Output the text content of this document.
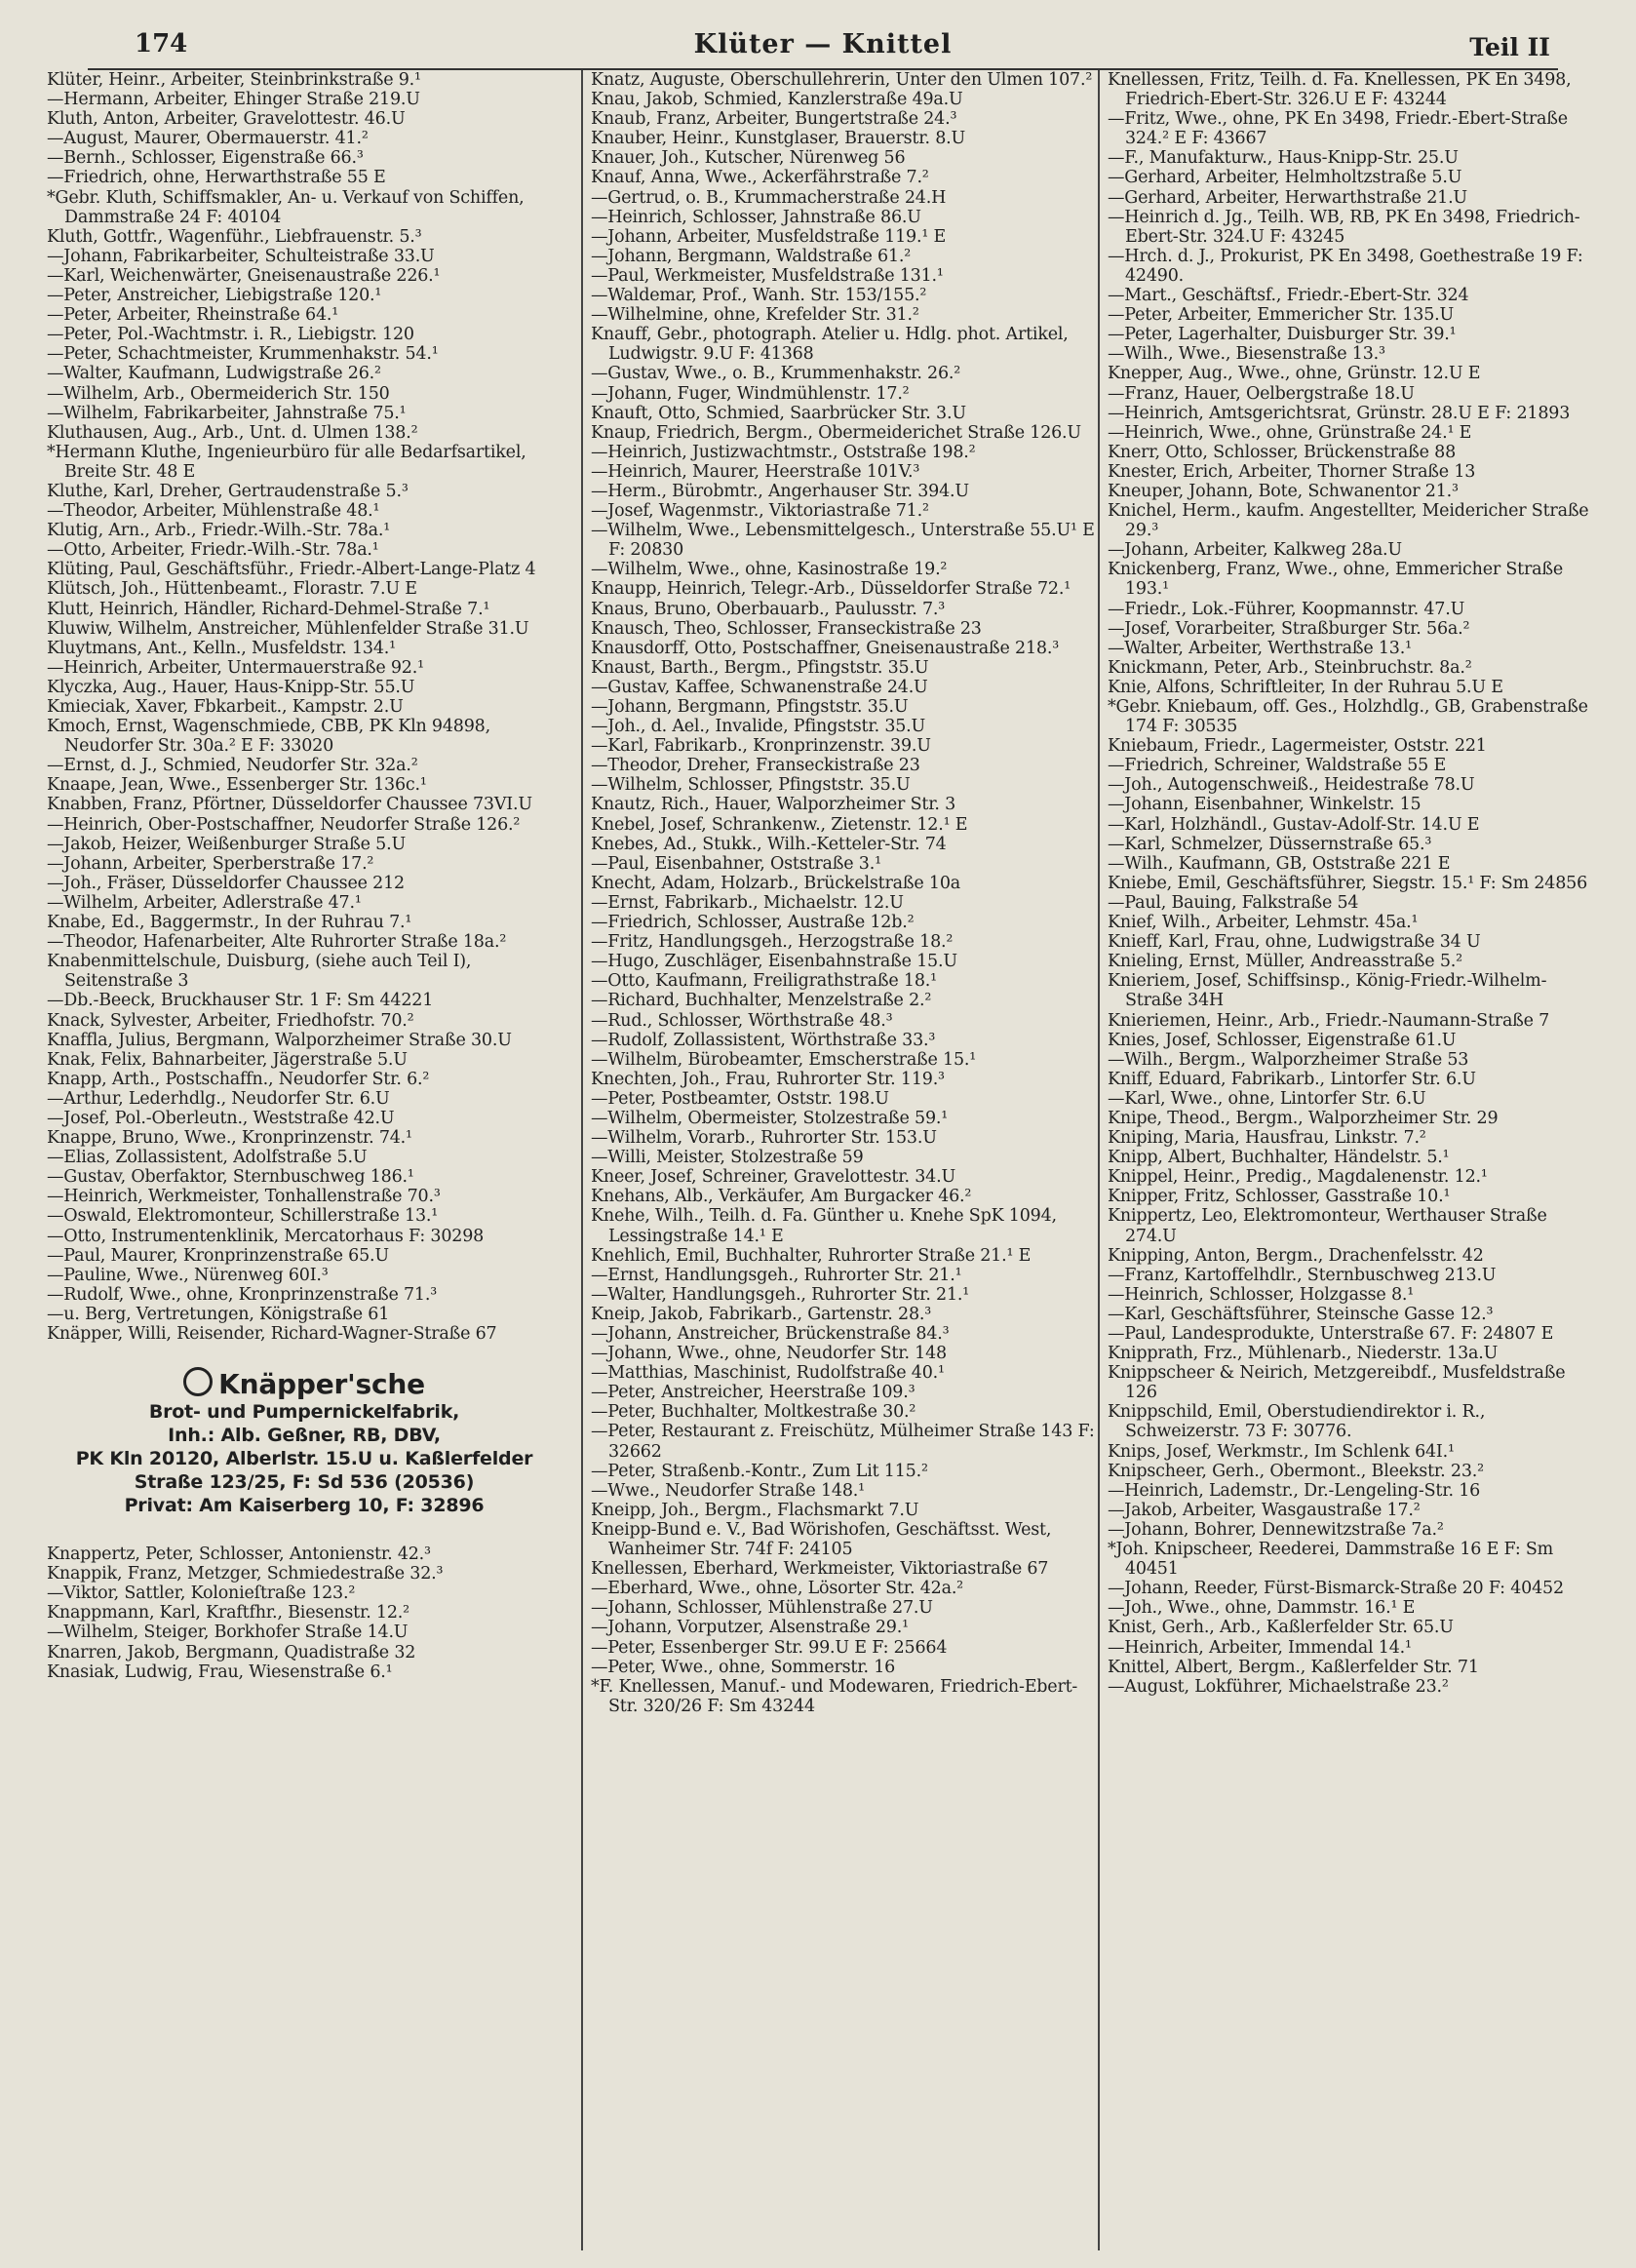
174	Klüter — Knittel	Teil II

Klüter, Heinr., Arbeiter, Steinbrinkstraße 9.¹

—Hermann, Arbeiter, Ehinger Straße 219.U

Kluth, Anton, Arbeiter, Gravelottestr. 46.U

—August, Maurer, Obermauerstr. 41.²

—Bernh., Schlosser, Eigenstraße 66.³

—Friedrich, ohne, Herwarthstraße 55 E

*Gebr. Kluth, Schiffsmakler, An- u. Verkauf von Schiffen, Dammstraße 24 F: 40104

Kluth, Gottfr., Wagenführ., Liebfrauenstr. 5.³

—Johann, Fabrikarbeiter, Schulteistraße 33.U

—Karl, Weichenwärter, Gneisenaustraße 226.¹

—Peter, Anstreicher, Liebigstraße 120.¹

—Peter, Arbeiter, Rheinstraße 64.¹

—Peter, Pol.-Wachtmstr. i. R., Liebigstr. 120

—Peter, Schachtmeister, Krummenhakstr. 54.¹

—Walter, Kaufmann, Ludwigstraße 26.²

—Wilhelm, Arb., Obermeiderich Str. 150

—Wilhelm, Fabrikarbeiter, Jahnstraße 75.¹

Kluthausen, Aug., Arb., Unt. d. Ulmen 138.²

*Hermann Kluthe, Ingenieurbüro für alle Bedarfsartikel, Breite Str. 48 E

Kluthe, Karl, Dreher, Gertraudenstraße 5.³

—Theodor, Arbeiter, Mühlenstraße 48.¹

Klutig, Arn., Arb., Friedr.-Wilh.-Str. 78a.¹

—Otto, Arbeiter, Friedr.-Wilh.-Str. 78a.¹

Klüting, Paul, Geschäftsführ., Friedr.-Albert-Lange-Platz 4

Klütsch, Joh., Hüttenbeamt., Florastr. 7.U E

Klutt, Heinrich, Händler, Richard-Dehmel-Straße 7.¹

Kluwiw, Wilhelm, Anstreicher, Mühlenfelder Straße 31.U

Kluytmans, Ant., Kelln., Musfeldstr. 134.¹

—Heinrich, Arbeiter, Untermauerstraße 92.¹

Klyczka, Aug., Hauer, Haus-Knipp-Str. 55.U

Kmieciak, Xaver, Fbkarbeit., Kampstr. 2.U

Kmoch, Ernst, Wagenschmiede, CBB, PK Kln 94898, Neudorfer Str. 30a.² E F: 33020

—Ernst, d. J., Schmied, Neudorfer Str. 32a.²

Knaape, Jean, Wwe., Essenberger Str. 136c.¹

Knabben, Franz, Pförtner, Düsseldorfer Chaussee 73VI.U

—Heinrich, Ober-Postschaffner, Neudorfer Straße 126.²

—Jakob, Heizer, Weißenburger Straße 5.U

—Johann, Arbeiter, Sperberstraße 17.²

—Joh., Fräser, Düsseldorfer Chaussee 212

—Wilhelm, Arbeiter, Adlerstraße 47.¹

Knabe, Ed., Baggermstr., In der Ruhrau 7.¹

—Theodor, Hafenarbeiter, Alte Ruhrorter Straße 18a.²

Knabenmittelschule, Duisburg, (siehe auch Teil I), Seitenstraße 3

—Db.-Beeck, Bruckhauser Str. 1 F: Sm 44221

Knack, Sylvester, Arbeiter, Friedhofstr. 70.²

Knaffla, Julius, Bergmann, Walporzheimer Straße 30.U

Knak, Felix, Bahnarbeiter, Jägerstraße 5.U

Knapp, Arth., Postschaffn., Neudorfer Str. 6.²

—Arthur, Lederhdlg., Neudorfer Str. 6.U

—Josef, Pol.-Oberleutn., Weststraße 42.U

Knappe, Bruno, Wwe., Kronprinzenstr. 74.¹

—Elias, Zollassistent, Adolfstraße 5.U

—Gustav, Oberfaktor, Sternbuschweg 186.¹

—Heinrich, Werkmeister, Tonhallenstraße 70.³

—Oswald, Elektromonteur, Schillerstraße 13.¹

—Otto, Instrumentenklinik, Mercatorhaus F: 30298

—Paul, Maurer, Kronprinzenstraße 65.U

—Pauline, Wwe., Nürenweg 60I.³

—Rudolf, Wwe., ohne, Kronprinzenstraße 71.³

—u. Berg, Vertretungen, Königstraße 61

Knäpper, Willi, Reisender, Richard-Wagner-Straße 67

Knäpper'sche
Brot- und Pumpernickelfabrik,
Inh.: Alb. Geßner, RB, DBV,
PK Kln 20120, Alberlstr. 15.U u. Kaßlerfelder Straße 123/25, F: Sd 536 (20536)
Privat: Am Kaiserberg 10, F: 32896

Knappertz, Peter, Schlosser, Antonienstr. 42.³

Knappik, Franz, Metzger, Schmiedestraße 32.³

—Viktor, Sattler, Kolonieſtraße 123.²

Knappmann, Karl, Kraftfhr., Biesenstr. 12.²

—Wilhelm, Steiger, Borkhofer Straße 14.U

Knarren, Jakob, Bergmann, Quadistraße 32

Knasiak, Ludwig, Frau, Wiesenstraße 6.¹

Knatz, Auguste, Oberschullehrerin, Unter den Ulmen 107.²

Knau, Jakob, Schmied, Kanzlerstraße 49a.U

Knaub, Franz, Arbeiter, Bungertstraße 24.³

Knauber, Heinr., Kunstglaser, Brauerstr. 8.U

Knauer, Joh., Kutscher, Nürenweg 56

Knauf, Anna, Wwe., Ackerfährstraße 7.²

—Gertrud, o. B., Krummacherstraße 24.H

—Heinrich, Schlosser, Jahnstraße 86.U

—Johann, Arbeiter, Musfeldstraße 119.¹ E

—Johann, Bergmann, Waldstraße 61.²

—Paul, Werkmeister, Musfeldstraße 131.¹

—Waldemar, Prof., Wanh. Str. 153/155.²

—Wilhelmine, ohne, Krefelder Str. 31.²

Knauff, Gebr., photograph. Atelier u. Hdlg. phot. Artikel, Ludwigstr. 9.U F: 41368

—Gustav, Wwe., o. B., Krummenhakstr. 26.²

—Johann, Fuger, Windmühlenstr. 17.²

Knauft, Otto, Schmied, Saarbrücker Str. 3.U

Knaup, Friedrich, Bergm., Obermeiderichet Straße 126.U

—Heinrich, Justizwachtmstr., Oststraße 198.²

—Heinrich, Maurer, Heerstraße 101V.³

—Herm., Bürobmtr., Angerhauser Str. 394.U

—Josef, Wagenmstr., Viktoriastraße 71.²

—Wilhelm, Wwe., Lebensmittelgesch., Unterstraße 55.U¹ E F: 20830

—Wilhelm, Wwe., ohne, Kasinostraße 19.²

Knaupp, Heinrich, Telegr.-Arb., Düsseldorfer Straße 72.¹

Knaus, Bruno, Oberbauarb., Paulusstr. 7.³

Knausch, Theo, Schlosser, Franseckistraße 23

Knausdorff, Otto, Postschaffner, Gneisenaustraße 218.³

Knaust, Barth., Bergm., Pfingststr. 35.U

—Gustav, Kaffee, Schwanenstraße 24.U

—Johann, Bergmann, Pfingststr. 35.U

—Joh., d. Ael., Invalide, Pfingststr. 35.U

—Karl, Fabrikarb., Kronprinzenstr. 39.U

—Theodor, Dreher, Franseckistraße 23

—Wilhelm, Schlosser, Pfingststr. 35.U

Knautz, Rich., Hauer, Walporzheimer Str. 3

Knebel, Josef, Schrankenw., Zietenstr. 12.¹ E

Knebes, Ad., Stukk., Wilh.-Ketteler-Str. 74

—Paul, Eisenbahner, Oststraße 3.¹

Knecht, Adam, Holzarb., Brückelstraße 10a

—Ernst, Fabrikarb., Michaelstr. 12.U

—Friedrich, Schlosser, Austraße 12b.²

—Fritz, Handlungsgeh., Herzogstraße 18.²

—Hugo, Zuschläger, Eisenbahnstraße 15.U

—Otto, Kaufmann, Freiligrathstraße 18.¹

—Richard, Buchhalter, Menzelstraße 2.²

—Rud., Schlosser, Wörthstraße 48.³

—Rudolf, Zollassistent, Wörthstraße 33.³

—Wilhelm, Bürobeamter, Emscherstraße 15.¹

Knechten, Joh., Frau, Ruhrorter Str. 119.³

—Peter, Postbeamter, Oststr. 198.U

—Wilhelm, Obermeister, Stolzestraße 59.¹

—Wilhelm, Vorarb., Ruhrorter Str. 153.U

—Willi, Meister, Stolzestraße 59

Kneer, Josef, Schreiner, Gravelottestr. 34.U

Knehans, Alb., Verkäufer, Am Burgacker 46.²

Knehe, Wilh., Teilh. d. Fa. Günther u. Knehe SpK 1094, Lessingstraße 14.¹ E

Knehlich, Emil, Buchhalter, Ruhrorter Straße 21.¹ E

—Ernst, Handlungsgeh., Ruhrorter Str. 21.¹

—Walter, Handlungsgeh., Ruhrorter Str. 21.¹

Kneip, Jakob, Fabrikarb., Gartenstr. 28.³

—Johann, Anstreicher, Brückenstraße 84.³

—Johann, Wwe., ohne, Neudorfer Str. 148

—Matthias, Maschinist, Rudolfstraße 40.¹

—Peter, Anstreicher, Heerstraße 109.³

—Peter, Buchhalter, Moltkestraße 30.²

—Peter, Restaurant z. Freischütz, Mülheimer Straße 143 F: 32662

—Peter, Straßenb.-Kontr., Zum Lit 115.²

—Wwe., Neudorfer Straße 148.¹

Kneipp, Joh., Bergm., Flachsmarkt 7.U

Kneipp-Bund e. V., Bad Wörishofen, Geschäftsst. West, Wanheimer Str. 74f F: 24105

Knellessen, Eberhard, Werkmeister, Viktoriastraße 67

—Eberhard, Wwe., ohne, Lösorter Str. 42a.²

—Johann, Schlosser, Mühlenstraße 27.U

—Johann, Vorputzer, Alsenstraße 29.¹

—Peter, Essenberger Str. 99.U E F: 25664

—Peter, Wwe., ohne, Sommerstr. 16

*F. Knellessen, Manuf.- und Modewaren, Friedrich-Ebert-Str. 320/26 F: Sm 43244

Knellessen, Fritz, Teilh. d. Fa. Knellessen, PK En 3498, Friedrich-Ebert-Str. 326.U E F: 43244

—Fritz, Wwe., ohne, PK En 3498, Friedr.-Ebert-Straße 324.² E F: 43667

—F., Manufakturw., Haus-Knipp-Str. 25.U

—Gerhard, Arbeiter, Helmholtzstraße 5.U

—Gerhard, Arbeiter, Herwarthstraße 21.U

—Heinrich d. Jg., Teilh. WB, RB, PK En 3498, Friedrich-Ebert-Str. 324.U F: 43245

—Hrch. d. J., Prokurist, PK En 3498, Goethestraße 19 F: 42490.

—Mart., Geschäftsf., Friedr.-Ebert-Str. 324

—Peter, Arbeiter, Emmericher Str. 135.U

—Peter, Lagerhalter, Duisburger Str. 39.¹

—Wilh., Wwe., Biesenstraße 13.³

Knepper, Aug., Wwe., ohne, Grünstr. 12.U E

—Franz, Hauer, Oelbergstraße 18.U

—Heinrich, Amtsgerichtsrat, Grünstr. 28.U E F: 21893

—Heinrich, Wwe., ohne, Grünstraße 24.¹ E

Knerr, Otto, Schlosser, Brückenstraße 88

Knester, Erich, Arbeiter, Thorner Straße 13

Kneuper, Johann, Bote, Schwanentor 21.³

Knichel, Herm., kaufm. Angestellter, Meidericher Straße 29.³

—Johann, Arbeiter, Kalkweg 28a.U

Knickenberg, Franz, Wwe., ohne, Emmericher Straße 193.¹

—Friedr., Lok.-Führer, Koopmannstr. 47.U

—Josef, Vorarbeiter, Straßburger Str. 56a.²

—Walter, Arbeiter, Werthstraße 13.¹

Knickmann, Peter, Arb., Steinbruchstr. 8a.²

Knie, Alfons, Schriftleiter, In der Ruhrau 5.U E

*Gebr. Kniebaum, off. Ges., Holzhdlg., GB, Grabenstraße 174 F: 30535

Kniebaum, Friedr., Lagermeister, Oststr. 221

—Friedrich, Schreiner, Waldstraße 55 E

—Joh., Autogenschweiß., Heidestraße 78.U

—Johann, Eisenbahner, Winkelstr. 15

—Karl, Holzhändl., Gustav-Adolf-Str. 14.U E

—Karl, Schmelzer, Düssernstraße 65.³

—Wilh., Kaufmann, GB, Oststraße 221 E

Kniebe, Emil, Geschäftsführer, Siegstr. 15.¹ F: Sm 24856

—Paul, Bauing, Falkstraße 54

Knief, Wilh., Arbeiter, Lehmstr. 45a.¹

Knieff, Karl, Frau, ohne, Ludwigstraße 34 U

Knieling, Ernst, Müller, Andreasstraße 5.²

Knieriem, Josef, Schiffsinsp., König-Friedr.-Wilhelm-Straße 34H

Knieriemen, Heinr., Arb., Friedr.-Naumann-Straße 7

Knies, Josef, Schlosser, Eigenstraße 61.U

—Wilh., Bergm., Walporzheimer Straße 53

Kniff, Eduard, Fabrikarb., Lintorfer Str. 6.U

—Karl, Wwe., ohne, Lintorfer Str. 6.U

Knipe, Theod., Bergm., Walporzheimer Str. 29

Kniping, Maria, Hausfrau, Linkstr. 7.²

Knipp, Albert, Buchhalter, Händelstr. 5.¹

Knippel, Heinr., Predig., Magdalenenstr. 12.¹

Knipper, Fritz, Schlosser, Gasstraße 10.¹

Knippertz, Leo, Elektromonteur, Werthauser Straße 274.U

Knipping, Anton, Bergm., Drachenfelsstr. 42

—Franz, Kartoffelhdlr., Sternbuschweg 213.U

—Heinrich, Schlosser, Holzgasse 8.¹

—Karl, Geschäftsführer, Steinsche Gasse 12.³

—Paul, Landesprodukte, Unterstraße 67. F: 24807 E

Knipprath, Frz., Mühlenarb., Niederstr. 13a.U

Knippscheer & Neirich, Metzgereibdf., Musfeldstraße 126

Knippschild, Emil, Oberstudiendirektor i. R., Schweizerstr. 73 F: 30776.

Knips, Josef, Werkmstr., Im Schlenk 64I.¹

Knipscheer, Gerh., Obermont., Bleekstr. 23.²

—Heinrich, Lademstr., Dr.-Lengeling-Str. 16

—Jakob, Arbeiter, Wasgaustraße 17.²

—Johann, Bohrer, Dennewitzstraße 7a.²

*Joh. Knipscheer, Reederei, Dammstraße 16 E F: Sm 40451

—Johann, Reeder, Fürst-Bismarck-Straße 20 F: 40452

—Joh., Wwe., ohne, Dammstr. 16.¹ E

Knist, Gerh., Arb., Kaßlerfelder Str. 65.U

—Heinrich, Arbeiter, Immendal 14.¹

Knittel, Albert, Bergm., Kaßlerfelder Str. 71

—August, Lokführer, Michaelstraße 23.²
